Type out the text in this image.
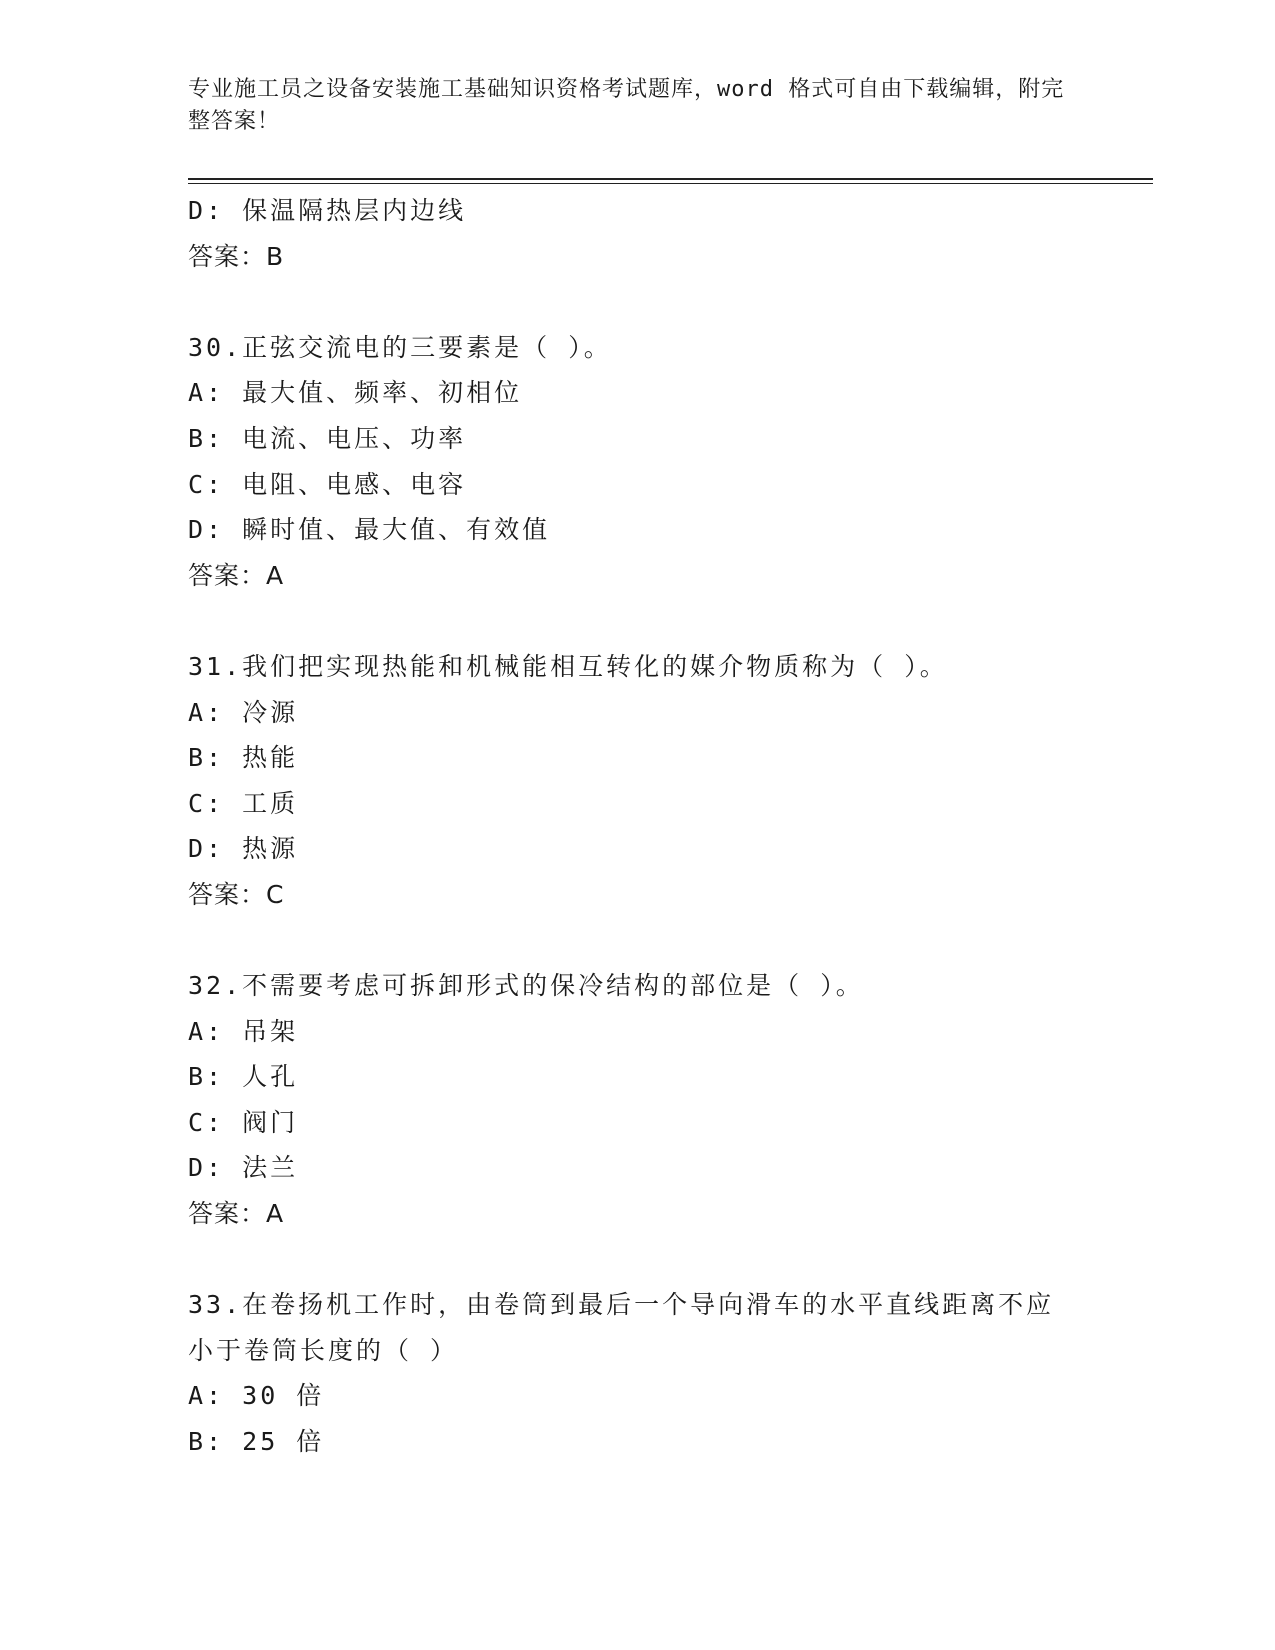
专业施工员之设备安装施工基础知识资格考试题库，word 格式可自由下载编辑，附完整答案！
D: 保温隔热层内边线
答案：B
30.正弦交流电的三要素是（ ）。
A: 最大值、频率、初相位
B: 电流、电压、功率
C: 电阻、电感、电容
D: 瞬时值、最大值、有效值
答案：A
31.我们把实现热能和机械能相互转化的媒介物质称为（ ）。
A: 冷源
B: 热能
C: 工质
D: 热源
答案：C
32.不需要考虑可拆卸形式的保冷结构的部位是（ ）。
A: 吊架
B: 人孔
C: 阀门
D: 法兰
答案：A
33.在卷扬机工作时，由卷筒到最后一个导向滑车的水平直线距离不应小于卷筒长度的（ ）
A: 30 倍
B: 25 倍
